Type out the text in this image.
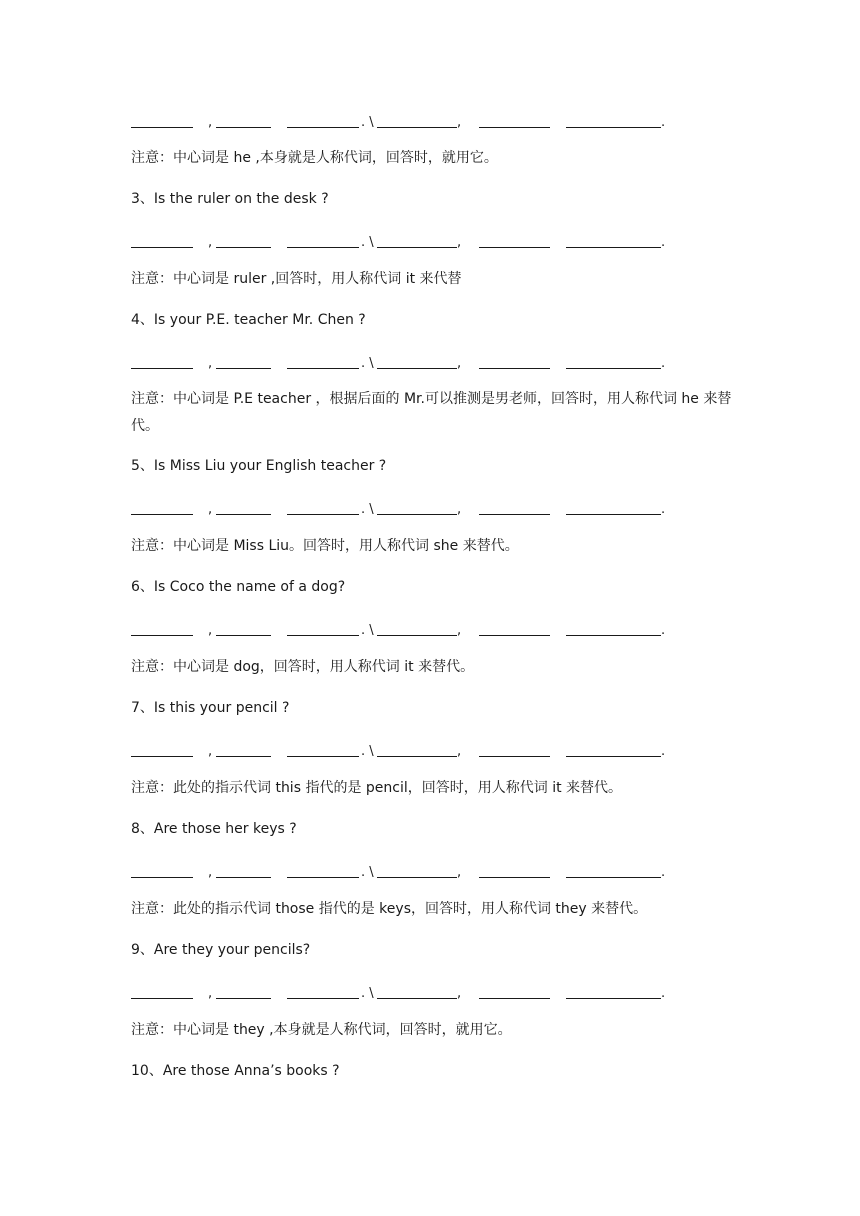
,	. \	,	.
注意：中心词是 he ,本身就是人称代词，回答时，就用它。
3、Is the ruler on the desk ?
,	. \	,	.
注意：中心词是 ruler ,回答时，用人称代词 it 来代替
4、Is your P.E. teacher Mr. Chen ?
,	. \	,	.
注意：中心词是 P.E teacher ，根据后面的 Mr.可以推测是男老师，回答时，用人称代词 he 来替代。
5、Is Miss Liu your English teacher ?
,	. \	,	.
注意：中心词是 Miss Liu。回答时，用人称代词 she 来替代。
6、Is Coco the name of a dog?
,	. \	,	.
注意：中心词是 dog，回答时，用人称代词 it 来替代。
7、Is this your pencil ?
,	. \	,	.
注意：此处的指示代词 this 指代的是 pencil，回答时，用人称代词 it 来替代。
8、Are those her keys ?
,	. \	,	.
注意：此处的指示代词 those 指代的是 keys，回答时，用人称代词 they 来替代。
9、Are they your pencils?
,	. \	,	.
注意：中心词是 they ,本身就是人称代词，回答时，就用它。
10、Are those Anna’s books ?
